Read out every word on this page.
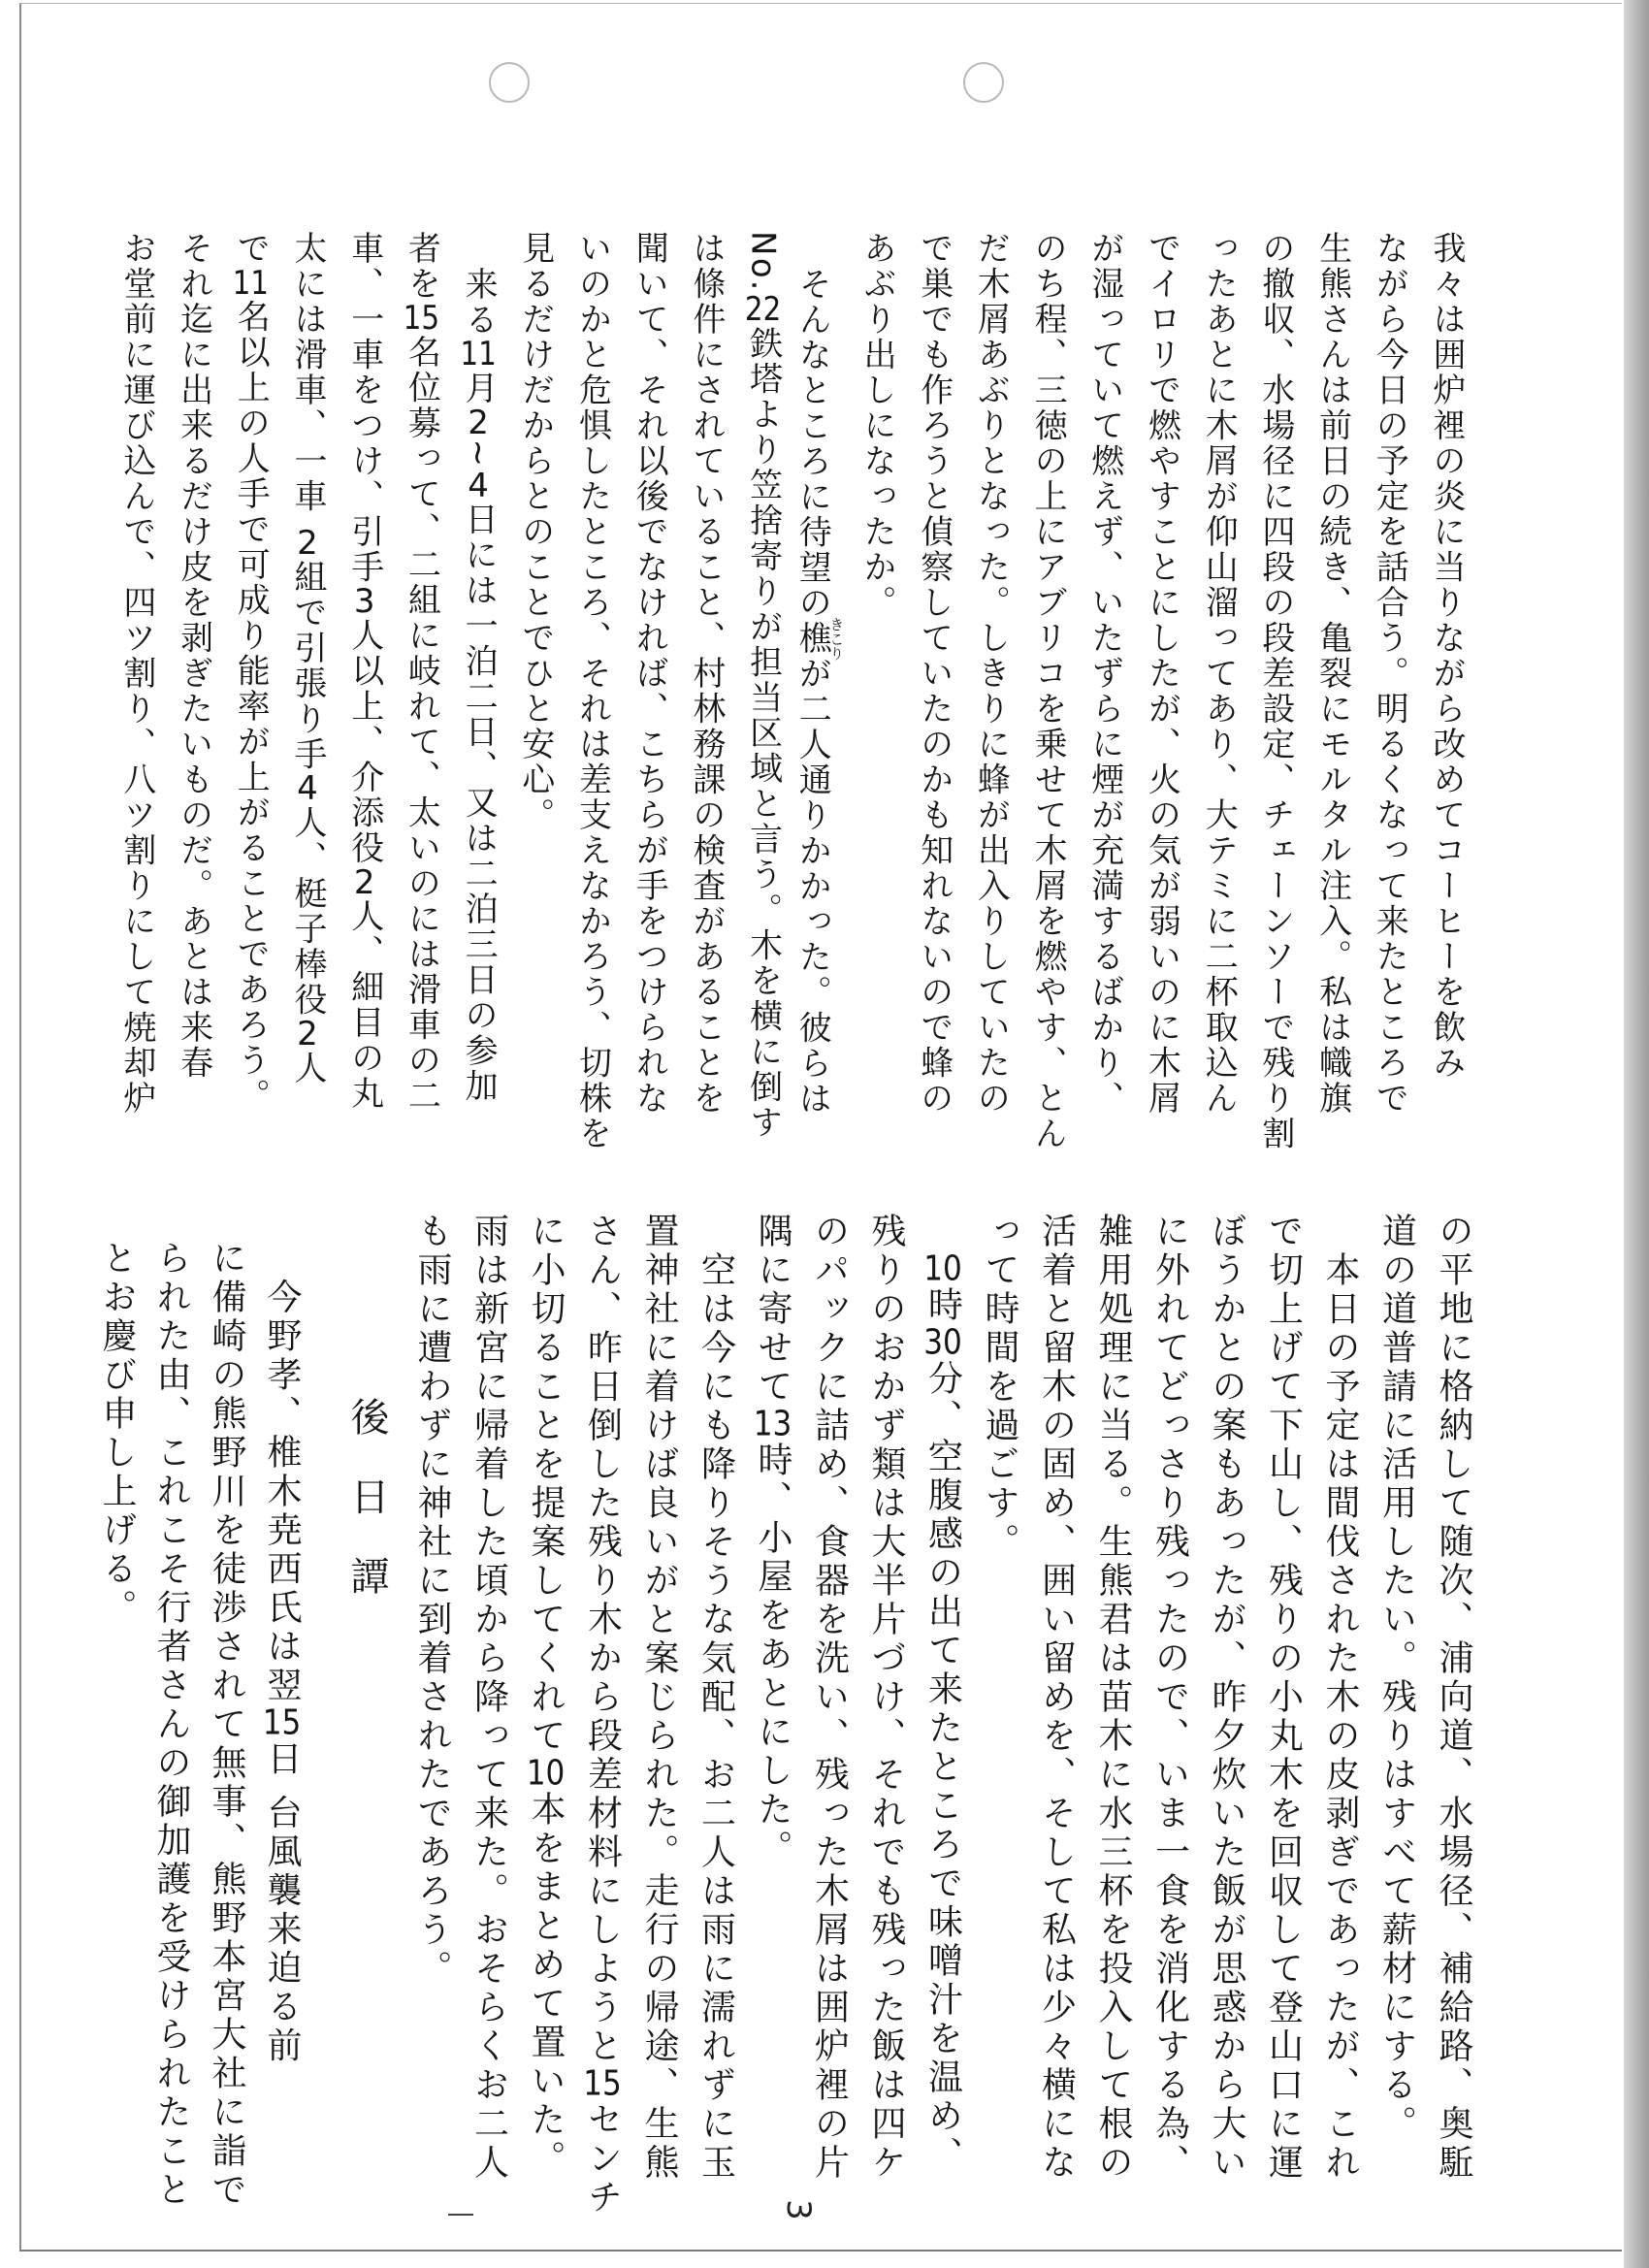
我々は囲炉裡の炎に当りながら改めてコーヒーを飲み
ながら今日の予定を話合う。明るくなって来たところで
生熊さんは前日の続き、亀裂にモルタル注入。私は幟旗
の撤収、水場径に四段の段差設定、チェーンソーで残り割
ったあとに木屑が仰山溜ってあり、大テミに二杯取込ん
でイロリで燃やすことにしたが、火の気が弱いのに木屑
が湿っていて燃えず、いたずらに煙が充満するばかり、
のち程、三徳の上にアブリコを乗せて木屑を燃やす、とん
だ木屑あぶりとなった。しきりに蜂が出入りしていたの
で巣でも作ろうと偵察していたのかも知れないので蜂の
あぶり出しになったか。
そんなところに待望の樵きこりが二人通りかかった。彼らは
No.22鉄塔より笠捨寄りが担当区域と言う。木を横に倒す
は條件にされていること、村林務課の検査があることを
聞いて、それ以後でなければ、こちらが手をつけられな
いのかと危惧したところ、それは差支えなかろう、切株を
見るだけだからとのことでひと安心。
来る11月2~4日には一泊二日、又は二泊三日の参加
者を15名位募って、二組に岐れて、太いのには滑車の二
車、一車をつけ、引手3人以上、介添役2人、細目の丸
太には滑車、一車 2組で引張り手4人、梃子棒役2人
で11名以上の人手で可成り能率が上がることであろう。
それ迄に出来るだけ皮を剥ぎたいものだ。あとは来春
お堂前に運び込んで、四ツ割り、八ツ割りにして焼却炉
の平地に格納して随次、浦向道、水場径、補給路、奥駈
道の道普請に活用したい。残りはすべて薪材にする。
本日の予定は間伐された木の皮剥ぎであったが、これ
で切上げて下山し、残りの小丸木を回収して登山口に運
ぼうかとの案もあったが、昨夕炊いた飯が思惑から大い
に外れてどっさり残ったので、いま一食を消化する為、
雑用処理に当る。生熊君は苗木に水三杯を投入して根の
活着と留木の固め、囲い留めを、そして私は少々横にな
って時間を過ごす。
10時30分、空腹感の出て来たところで味噌汁を温め、
残りのおかず類は大半片づけ、それでも残った飯は四ケ
のパックに詰め、食器を洗い、残った木屑は囲炉裡の片
隅に寄せて13時、小屋をあとにした。
空は今にも降りそうな気配、お二人は雨に濡れずに玉
置神社に着けば良いがと案じられた。走行の帰途、生熊
さん、昨日倒した残り木から段差材料にしようと15センチ
に小切ることを提案してくれて10本をまとめて置いた。
雨は新宮に帰着した頃から降って来た。おそらくお二人
も雨に遭わずに神社に到着されたであろう。
後日譚
今野孝、椎木尭西氏は翌15日 台風襲来迫る前
に備崎の熊野川を徒渉されて無事、熊野本宮大社に詣で
られた由、これこそ行者さんの御加護を受けられたこと
とお慶び申し上げる。
3
